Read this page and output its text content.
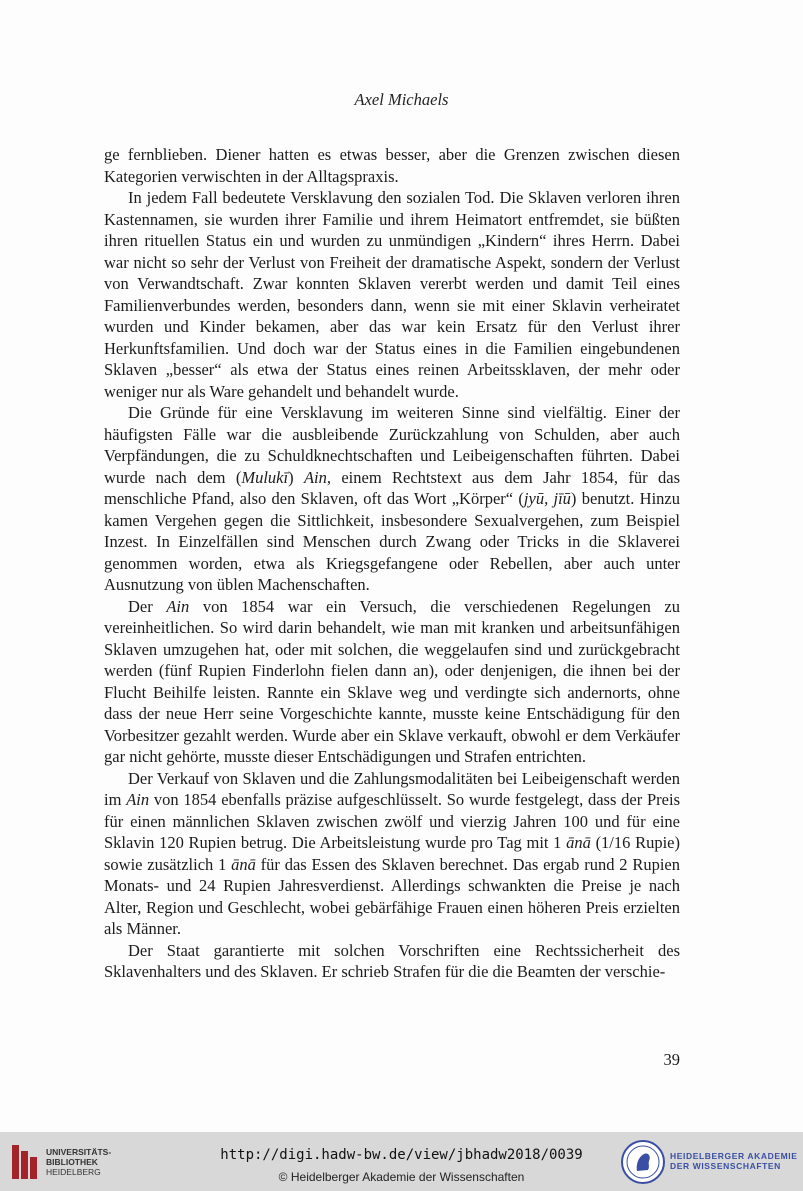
Axel Michaels

ge fernblieben. Diener hatten es etwas besser, aber die Grenzen zwischen diesen Kategorien verwischten in der Alltagspraxis.

In jedem Fall bedeutete Versklavung den sozialen Tod. Die Sklaven verloren ihren Kastennamen, sie wurden ihrer Familie und ihrem Heimatort entfremdet, sie büßten ihren rituellen Status ein und wurden zu unmündigen „Kindern“ ihres Herrn. Dabei war nicht so sehr der Verlust von Freiheit der dramatische Aspekt, sondern der Verlust von Verwandtschaft. Zwar konnten Sklaven vererbt werden und damit Teil eines Familienverbundes werden, besonders dann, wenn sie mit einer Sklavin verheiratet wurden und Kinder bekamen, aber das war kein Ersatz für den Verlust ihrer Herkunftsfamilien. Und doch war der Status eines in die Familien eingebundenen Sklaven „besser“ als etwa der Status eines reinen Arbeitssklaven, der mehr oder weniger nur als Ware gehandelt und behandelt wurde.

Die Gründe für eine Versklavung im weiteren Sinne sind vielfältig. Einer der häufigsten Fälle war die ausbleibende Zurückzahlung von Schulden, aber auch Verpfändungen, die zu Schuldknechtschaften und Leibeigenschaften führten. Dabei wurde nach dem (Mulukī) Ain, einem Rechtstext aus dem Jahr 1854, für das menschliche Pfand, also den Sklaven, oft das Wort „Körper“ (jyū, jīū) benutzt. Hinzu kamen Vergehen gegen die Sittlichkeit, insbesondere Sexualvergehen, zum Beispiel Inzest. In Einzelfällen sind Menschen durch Zwang oder Tricks in die Sklaverei genommen worden, etwa als Kriegsgefangene oder Rebellen, aber auch unter Ausnutzung von üblen Machenschaften.

Der Ain von 1854 war ein Versuch, die verschiedenen Regelungen zu vereinheitlichen. So wird darin behandelt, wie man mit kranken und arbeitsunfähigen Sklaven umzugehen hat, oder mit solchen, die weggelaufen sind und zurückgebracht werden (fünf Rupien Finderlohn fielen dann an), oder denjenigen, die ihnen bei der Flucht Beihilfe leisten. Rannte ein Sklave weg und verdingte sich andernorts, ohne dass der neue Herr seine Vorgeschichte kannte, musste keine Entschädigung für den Vorbesitzer gezahlt werden. Wurde aber ein Sklave verkauft, obwohl er dem Verkäufer gar nicht gehörte, musste dieser Entschädigungen und Strafen entrichten.

Der Verkauf von Sklaven und die Zahlungsmodalitäten bei Leibeigenschaft werden im Ain von 1854 ebenfalls präzise aufgeschlüsselt. So wurde festgelegt, dass der Preis für einen männlichen Sklaven zwischen zwölf und vierzig Jahren 100 und für eine Sklavin 120 Rupien betrug. Die Arbeitsleistung wurde pro Tag mit 1 ānā (1/16 Rupie) sowie zusätzlich 1 ānā für das Essen des Sklaven berechnet. Das ergab rund 2 Rupien Monats- und 24 Rupien Jahresverdienst. Allerdings schwankten die Preise je nach Alter, Region und Geschlecht, wobei gebärfähige Frauen einen höheren Preis erzielten als Männer.

Der Staat garantierte mit solchen Vorschriften eine Rechtssicherheit des Sklavenhalters und des Sklaven. Er schrieb Strafen für die die Beamten der verschie-

39
UNIVERSITÄTS-
BIBLIOTHEK
HEIDELBERG
http://digi.hadw-bw.de/view/jbhadw2018/0039
© Heidelberger Akademie der Wissenschaften
HEIDELBERGER AKADEMIE
DER WISSENSCHAFTEN
